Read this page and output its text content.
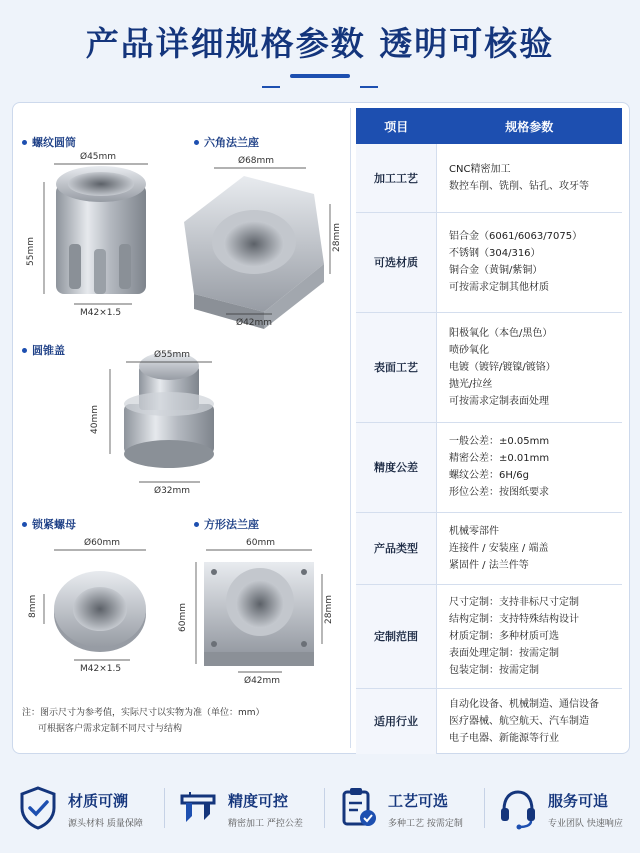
产品详细规格参数 透明可核验
螺纹圆筒
Ø45mm
55mm
M42×1.5
六角法兰座
Ø68mm
28mm
Ø42mm
圆锥盖	Ø55mm
40mm
Ø32mm
锁紧螺母
Ø60mm
8mm
M42×1.5
方形法兰座
60mm
60mm	28mm
Ø42mm
注：图示尺寸为参考值，实际尺寸以实物为准（单位：mm）
可根据客户需求定制不同尺寸与结构
项目	规格参数
加工工艺	CNC精密加工
数控车削、铣削、钻孔、攻牙等

可选材质	铝合金（6061/6063/7075）
不锈钢（304/316）
铜合金（黄铜/紫铜）
可按需求定制其他材质

表面工艺	阳极氧化（本色/黑色）
喷砂氧化
电镀（镀锌/镀镍/镀铬）
抛光/拉丝
可按需求定制表面处理

精度公差	一般公差：±0.05mm
精密公差：±0.01mm
螺纹公差：6H/6g
形位公差：按图纸要求

产品类型	机械零部件
连接件 / 安装座 / 端盖
紧固件 / 法兰件等

定制范围	尺寸定制：支持非标尺寸定制
结构定制：支持特殊结构设计
材质定制：多种材质可选
表面处理定制：按需定制
包装定制：按需定制

适用行业	自动化设备、机械制造、通信设备
医疗器械、航空航天、汽车制造
电子电器、新能源等行业
材质可溯
源头材料 质量保障
精度可控
精密加工 严控公差
工艺可选
多种工艺 按需定制
服务可追
专业团队 快速响应
